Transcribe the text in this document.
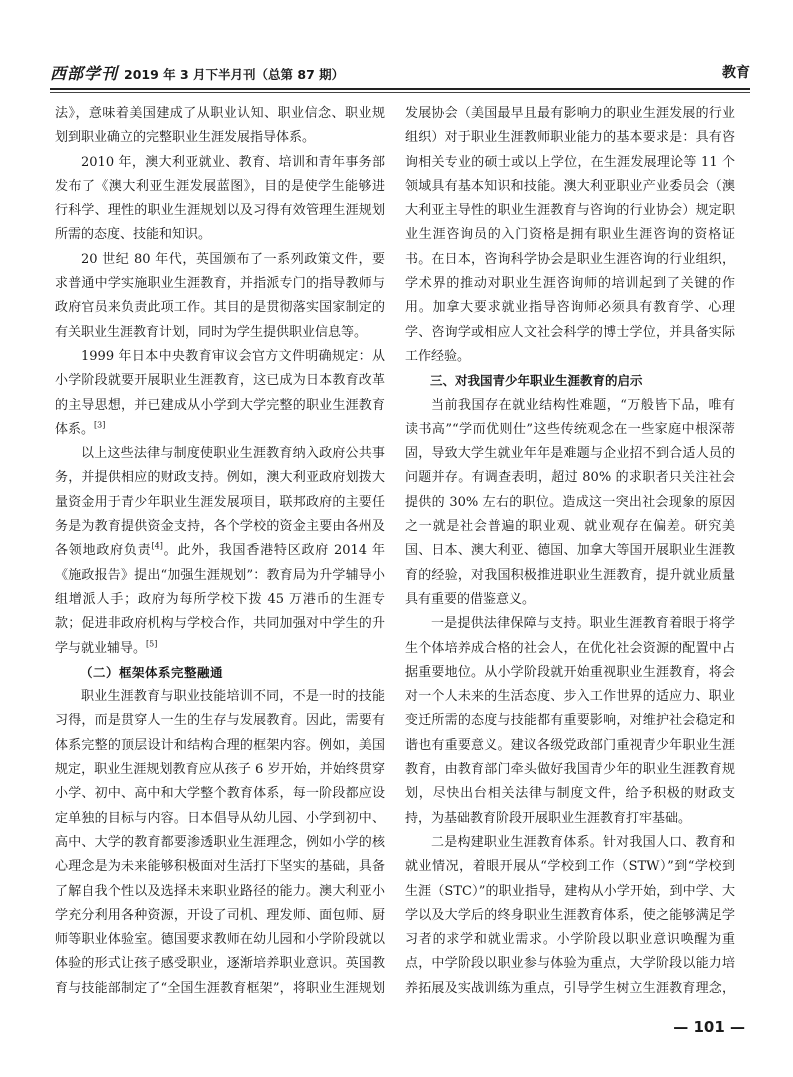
西部学刊 2019 年 3 月下半月刊（总第 87 期）	教育

法》，意味着美国建成了从职业认知、职业信念、职业规划到职业确立的完整职业生涯发展指导体系。

2010 年，澳大利亚就业、教育、培训和青年事务部发布了《澳大利亚生涯发展蓝图》，目的是使学生能够进行科学、理性的职业生涯规划以及习得有效管理生涯规划所需的态度、技能和知识。

20 世纪 80 年代，英国颁布了一系列政策文件，要求普通中学实施职业生涯教育，并指派专门的指导教师与政府官员来负责此项工作。其目的是贯彻落实国家制定的有关职业生涯教育计划，同时为学生提供职业信息等。

1999 年日本中央教育审议会官方文件明确规定：从小学阶段就要开展职业生涯教育，这已成为日本教育改革的主导思想，并已建成从小学到大学完整的职业生涯教育体系。[3]

以上这些法律与制度使职业生涯教育纳入政府公共事务，并提供相应的财政支持。例如，澳大利亚政府划拨大量资金用于青少年职业生涯发展项目，联邦政府的主要任务是为教育提供资金支持，各个学校的资金主要由各州及各领地政府负责[4]。此外，我国香港特区政府 2014 年《施政报告》提出“加强生涯规划”：教育局为升学辅导小组增派人手；政府为每所学校下拨 45 万港币的生涯专款；促进非政府机构与学校合作，共同加强对中学生的升学与就业辅导。[5]

（二）框架体系完整融通

职业生涯教育与职业技能培训不同，不是一时的技能习得，而是贯穿人一生的生存与发展教育。因此，需要有体系完整的顶层设计和结构合理的框架内容。例如，美国规定，职业生涯规划教育应从孩子 6 岁开始，并始终贯穿小学、初中、高中和大学整个教育体系，每一阶段都应设定单独的目标与内容。日本倡导从幼儿园、小学到初中、高中、大学的教育都要渗透职业生涯理念，例如小学的核心理念是为未来能够积极面对生活打下坚实的基础，具备了解自我个性以及选择未来职业路径的能力。澳大利亚小学充分利用各种资源，开设了司机、理发师、面包师、厨师等职业体验室。德国要求教师在幼儿园和小学阶段就以体验的形式让孩子感受职业，逐渐培养职业意识。英国教育与技能部制定了“全国生涯教育框架”，将职业生涯规划

发展协会（美国最早且最有影响力的职业生涯发展的行业组织）对于职业生涯教师职业能力的基本要求是：具有咨询相关专业的硕士或以上学位，在生涯发展理论等 11 个领域具有基本知识和技能。澳大利亚职业产业委员会（澳大利亚主导性的职业生涯教育与咨询的行业协会）规定职业生涯咨询员的入门资格是拥有职业生涯咨询的资格证书。在日本，咨询科学协会是职业生涯咨询的行业组织，学术界的推动对职业生涯咨询师的培训起到了关键的作用。加拿大要求就业指导咨询师必须具有教育学、心理学、咨询学或相应人文社会科学的博士学位，并具备实际工作经验。

三、对我国青少年职业生涯教育的启示

当前我国存在就业结构性难题，“万般皆下品，唯有读书高”“学而优则仕”这些传统观念在一些家庭中根深蒂固，导致大学生就业年年是难题与企业招不到合适人员的问题并存。有调查表明，超过 80% 的求职者只关注社会提供的 30% 左右的职位。造成这一突出社会现象的原因之一就是社会普遍的职业观、就业观存在偏差。研究美国、日本、澳大利亚、德国、加拿大等国开展职业生涯教育的经验，对我国积极推进职业生涯教育，提升就业质量具有重要的借鉴意义。

一是提供法律保障与支持。职业生涯教育着眼于将学生个体培养成合格的社会人，在优化社会资源的配置中占据重要地位。从小学阶段就开始重视职业生涯教育，将会对一个人未来的生活态度、步入工作世界的适应力、职业变迁所需的态度与技能都有重要影响，对维护社会稳定和谐也有重要意义。建议各级党政部门重视青少年职业生涯教育，由教育部门牵头做好我国青少年的职业生涯教育规划，尽快出台相关法律与制度文件，给予积极的财政支持，为基础教育阶段开展职业生涯教育打牢基础。

二是构建职业生涯教育体系。针对我国人口、教育和就业情况，着眼开展从“学校到工作（STW）”到“学校到生涯（STC）”的职业指导，建构从小学开始，到中学、大学以及大学后的终身职业生涯教育体系，使之能够满足学习者的求学和就业需求。小学阶段以职业意识唤醒为重点，中学阶段以职业参与体验为重点，大学阶段以能力培养拓展及实战训练为重点，引导学生树立生涯教育理念，

— 101 —
